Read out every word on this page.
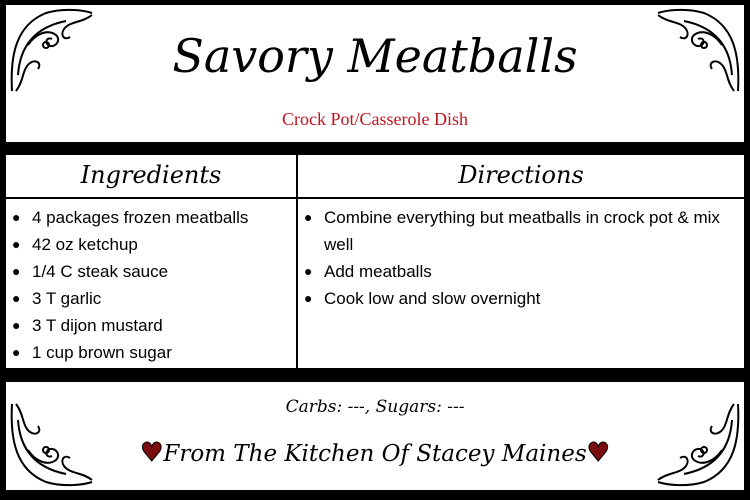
Savory Meatballs
Crock Pot/Casserole Dish
Ingredients
● 4 packages frozen meatballs
● 42 oz ketchup
● 1/4 C steak sauce
● 3 T garlic
● 3 T dijon mustard
● 1 cup brown sugar
Directions
● Combine everything but meatballs in crock pot & mix well
● Add meatballs
● Cook low and slow overnight
Carbs: ---, Sugars: ---
♥From The Kitchen Of Stacey Maines♥
